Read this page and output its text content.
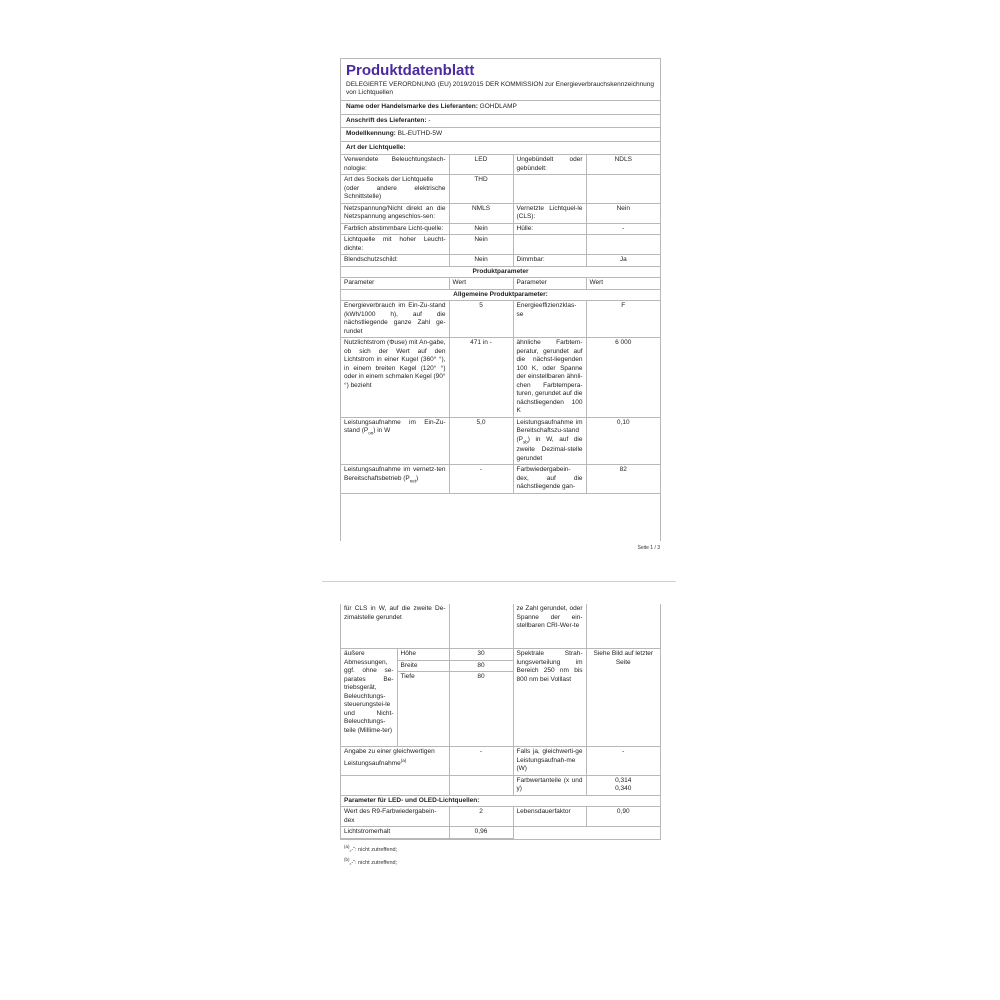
Produktdatenblatt
DELEGIERTE VERORDNUNG (EU) 2019/2015 DER KOMMISSION zur Energieverbrauchskennzeichnung von Lichtquellen
Name oder Handelsmarke des Lieferanten: GOHDLAMP
Anschrift des Lieferanten: -
Modellkennung: BL-EUTHD-5W
Art der Lichtquelle:
Verwendete Beleuchtungstech-nologie:	LED	Ungebündelt oder gebündelt:	NDLS

Art des Sockels der Lichtquelle
(oder andere elektrische Schnittstelle)	THD		
Netzspannung/Nicht direkt an die Netzspannung angeschlos-sen:	NMLS	Vernetzte Lichtquel-le (CLS):	Nein
Farblich abstimmbare Licht-quelle:	Nein	Hülle:	-
Lichtquelle mit hoher Leucht-dichte:	Nein		
Blendschutzschild:	Nein	Dimmbar:	Ja
Produktparameter			
Parameter	Wert	Parameter	Wert
Allgemeine Produktparameter:			
Energieverbrauch im Ein-Zu-stand (kWh/1000 h), auf die nächstliegende ganze Zahl ge-rundet	5	Energieeffizienzklas-se	F
Nutzlichtstrom (Φuse) mit An-gabe, ob sich der Wert auf den Lichtstrom in einer Kugel (360° °), in einem breiten Kegel (120° °) oder in einem schmalen Kegel (90° °) bezieht	471 in -	ähnliche Farbtem-peratur, gerundet auf die nächst-liegenden 100 K, oder Spanne der einstellbaren ähnli-chen Farbtempera-turen, gerundet auf die nächstliegenden 100 K	6 000
Leistungsaufnahme im Ein-Zu-stand $(P_{on})$ in W	5,0	Leistungsaufnahme im Bereitschaftszu-stand $(P_{sb})$ in W, auf die zweite Dezimal-stelle gerundet	0,10
Leistungsaufnahme im vernetz-ten Bereitschaftsbetrieb $(P_{net})$	-	Farbwiedergabein-dex, auf die nächstliegende gan-	82
Seite 1 / 3
für CLS in W, auf die zweite De-zimalstelle gerundet			ze Zahl gerundet, oder Spanne der ein-stellbaren CRI-Wer-te	
äußere Abmessungen, ggf. ohne se-parates Be-triebsgerät, Beleuchtungs-steuerungstei-le und Nicht-Beleuchtungs-teile (Millime-ter)	Höhe	30	Spektrale Strah-lungsverteilung im Bereich 250 nm bis 800 nm bei Volllast	Siehe Bild auf letzter Seite
	Breite	80		
	Tiefe	80		
Angabe zu einer gleichwertigen Leistungsaufnahme$^{(a)}$		-	Falls ja, gleichwerti-ge Leistungsaufnah-me (W)	-
			Farbwertanteile (x und y)	0,314
0,340

Parameter für LED- und OLED-Lichtquellen:				
Wert des R9-Farbwiedergabein-dex		2	Lebensdauerfaktor	0,90
Lichtstromerhalt		0,96		
$^{(a)}$„-“: nicht zutreffend;
$^{(b)}$„-“: nicht zutreffend;
